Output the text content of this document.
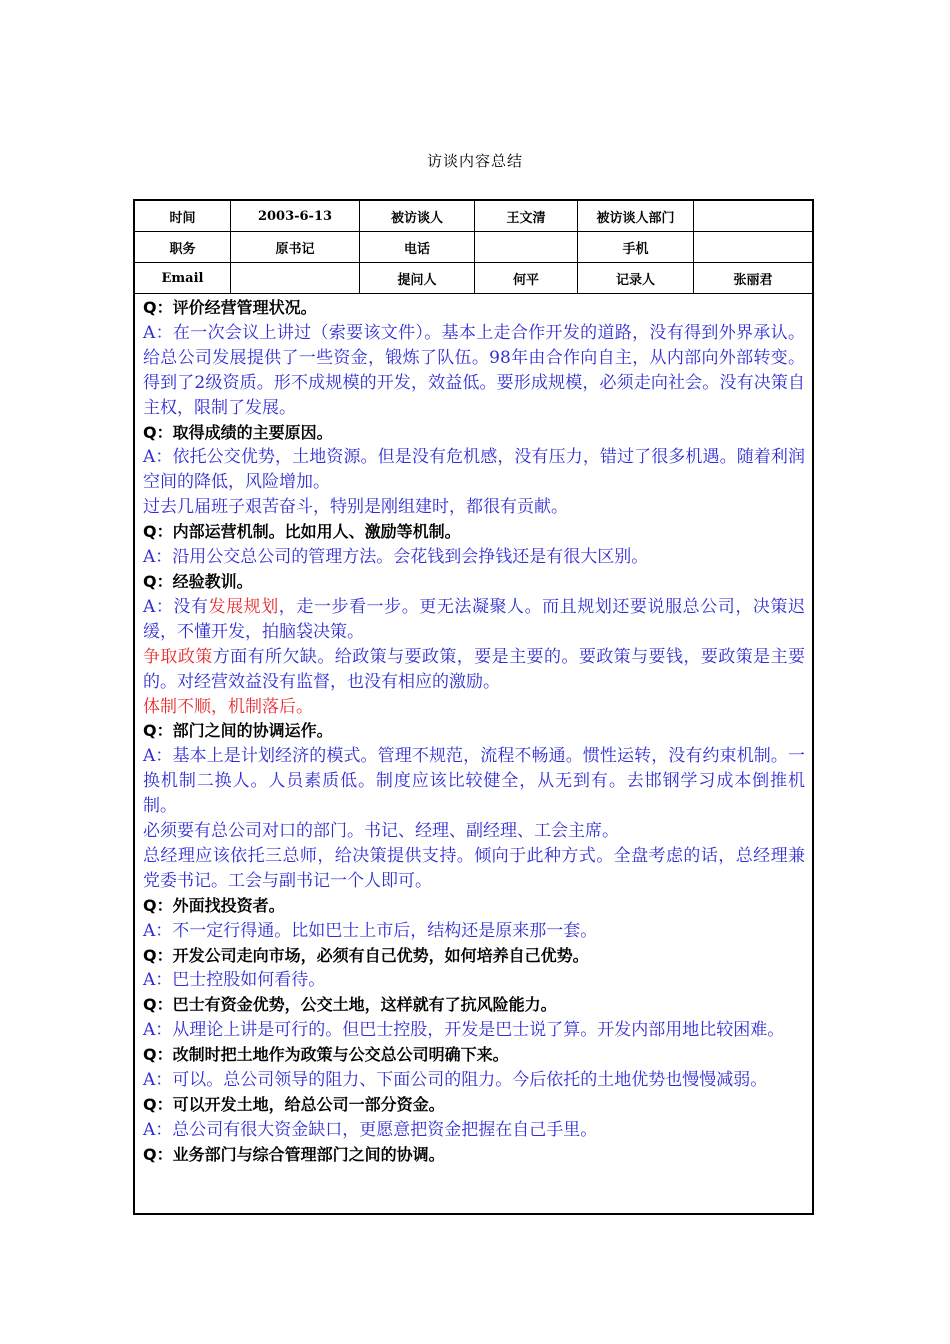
访谈内容总结
时间	2003-6-13	被访谈人	王文清	被访谈人部门	
职务	原书记	电话		手机	
Email		提问人	何平	记录人	张丽君

Q：评价经营管理状况。

A：在一次会议上讲过（索要该文件）。基本上走合作开发的道路，没有得到外界承认。给总公司发展提供了一些资金，锻炼了队伍。98年由合作向自主，从内部向外部转变。得到了2级资质。形不成规模的开发，效益低。要形成规模，必须走向社会。没有决策自主权，限制了发展。

Q：取得成绩的主要原因。

A：依托公交优势，土地资源。但是没有危机感，没有压力，错过了很多机遇。随着利润空间的降低，风险增加。

过去几届班子艰苦奋斗，特别是刚组建时，都很有贡献。

Q：内部运营机制。比如用人、激励等机制。

A：沿用公交总公司的管理方法。会花钱到会挣钱还是有很大区别。

Q：经验教训。

A：没有发展规划，走一步看一步。更无法凝聚人。而且规划还要说服总公司，决策迟缓，不懂开发，拍脑袋决策。

争取政策方面有所欠缺。给政策与要政策，要是主要的。要政策与要钱，要政策是主要的。对经营效益没有监督，也没有相应的激励。

体制不顺，机制落后。

Q：部门之间的协调运作。

A：基本上是计划经济的模式。管理不规范，流程不畅通。惯性运转，没有约束机制。一换机制二换人。人员素质低。制度应该比较健全，从无到有。去邯钢学习成本倒推机制。

必须要有总公司对口的部门。书记、经理、副经理、工会主席。

总经理应该依托三总师，给决策提供支持。倾向于此种方式。全盘考虑的话，总经理兼党委书记。工会与副书记一个人即可。

Q：外面找投资者。

A：不一定行得通。比如巴士上市后，结构还是原来那一套。

Q：开发公司走向市场，必须有自己优势，如何培养自己优势。

A：巴士控股如何看待。

Q：巴士有资金优势，公交土地，这样就有了抗风险能力。

A：从理论上讲是可行的。但巴士控股，开发是巴士说了算。开发内部用地比较困难。

Q：改制时把土地作为政策与公交总公司明确下来。

A：可以。总公司领导的阻力、下面公司的阻力。今后依托的土地优势也慢慢减弱。

Q：可以开发土地，给总公司一部分资金。

A：总公司有很大资金缺口，更愿意把资金把握在自己手里。

Q：业务部门与综合管理部门之间的协调。
